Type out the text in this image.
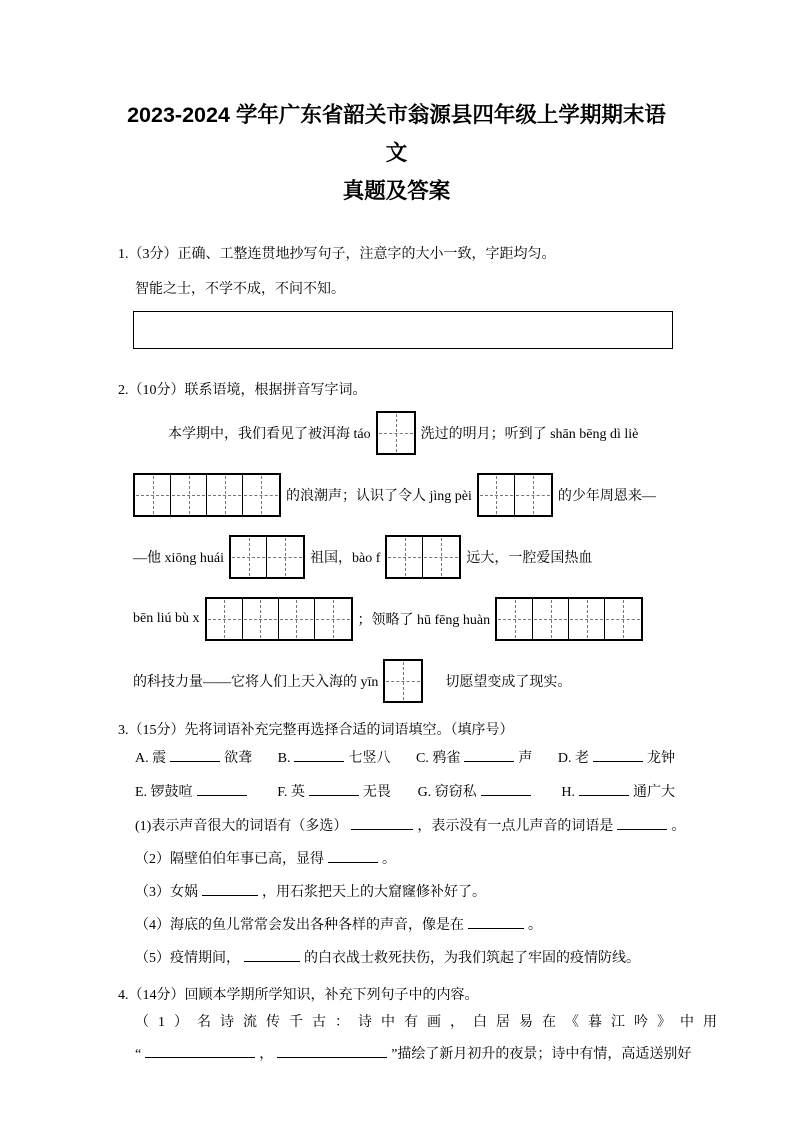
2023-2024 学年广东省韶关市翁源县四年级上学期期末语文
真题及答案

1.（3分）正确、工整连贯地抄写句子，注意字的大小一致，字距均匀。

智能之士，不学不成，不问不知。

2.（10分）联系语境，根据拼音写字词。

本学期中，我们看见了被洱海 táo	洗过的明月；听到了 shān bēng dì liè
的浪潮声；认识了令人 jìng pèi	的少年周恩来—
—他 xiōng huái	祖国，bào f	远大，一腔爱国热血
bēn liú bù x	；领略了 hū fēng huàn
的科技力量——它将人们上天入海的 yīn	切愿望变成了现实。

3.（15分）先将词语补充完整再选择合适的词语填空。（填序号）

A. 震	欲聋 B.	七竖八 C. 鸦雀	声 D. 老	龙钟
E. 锣鼓喧	F. 英	无畏 G. 窃窃私	H.	通广大
(1)表示声音很大的词语有（多选）	，表示没有一点儿声音的词语是	。
（2）隔壁伯伯年事已高，显得	。
（3）女娲	，用石浆把天上的大窟窿修补好了。
（4）海底的鱼儿常常会发出各种各样的声音，像是在	。
（5）疫情期间，	的白衣战士救死扶伤，为我们筑起了牢固的疫情防线。

4.（14分）回顾本学期所学知识，补充下列句子中的内容。

（1）名诗流传千古：诗中有画，白居易在《暮江吟》中用
“	，	”描绘了新月初升的夜景；诗中有情，高适送别好
